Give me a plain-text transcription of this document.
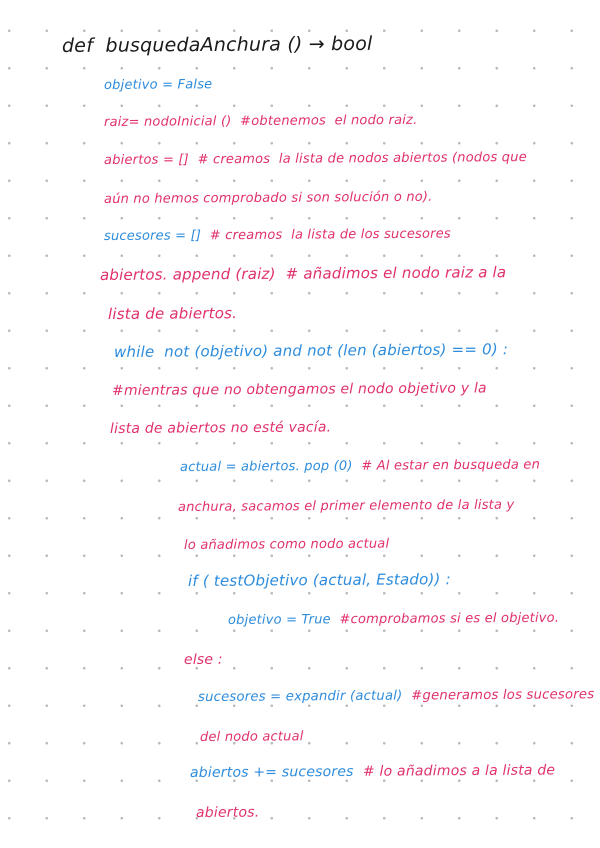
def  busquedaAnchura () → bool

objetivo = False

raiz= nodoInicial ()  #obtenemos  el nodo raiz.

abiertos = []  # creamos  la lista de nodos abiertos (nodos que

aún no hemos comprobado si son solución o no).

sucesores = []  # creamos  la lista de los sucesores

abiertos. append (raiz)  # añadimos el nodo raiz a la

lista de abiertos.

while  not (objetivo) and not (len (abiertos) == 0) :

#mientras que no obtengamos el nodo objetivo y la

lista de abiertos no esté vacía.

actual = abiertos. pop (0)  # Al estar en busqueda en

anchura, sacamos el primer elemento de la lista y

lo añadimos como nodo actual

if ( testObjetivo (actual, Estado)) :

objetivo = True  #comprobamos si es el objetivo.

else :

sucesores = expandir (actual)  #generamos los sucesores

del nodo actual

abiertos += sucesores  # lo añadimos a la lista de

abiertos.
